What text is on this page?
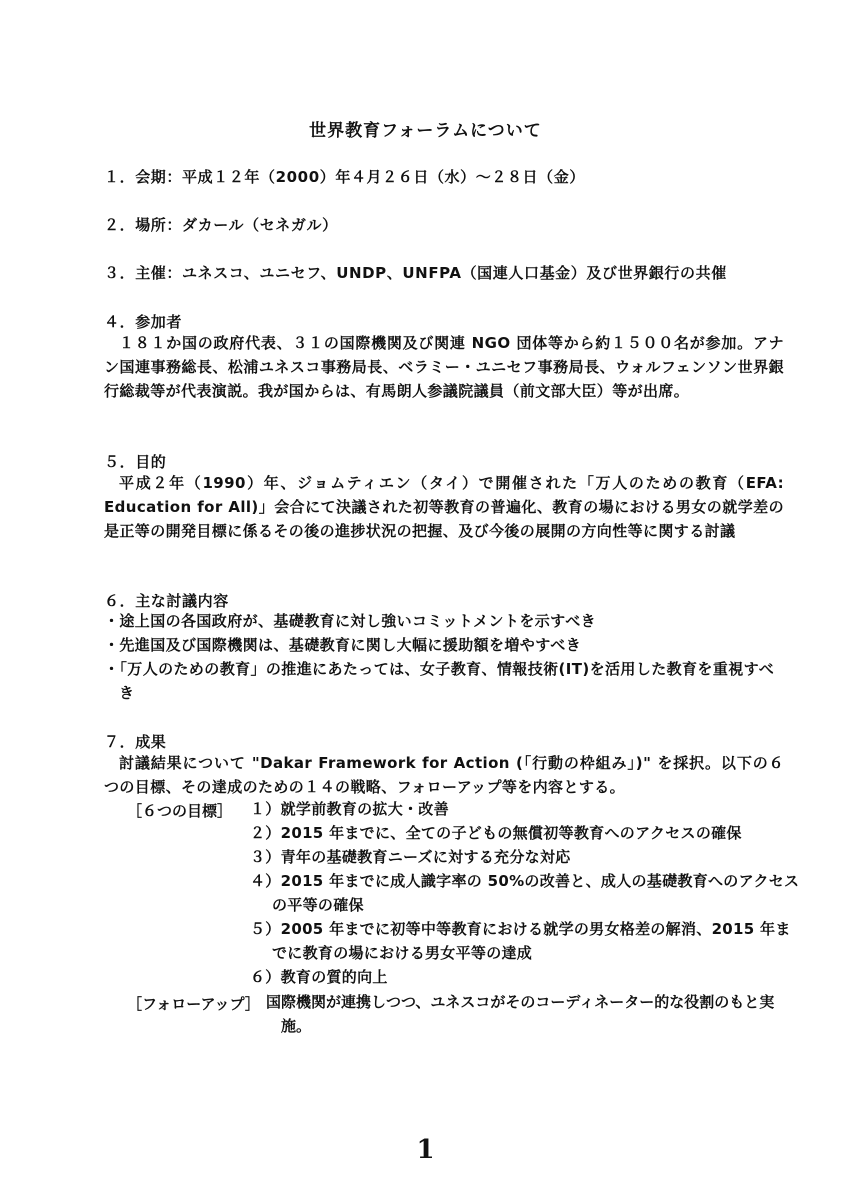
世界教育フォーラムについて
１．会期：平成１２年（2000）年４月２６日（水）～２８日（金）
２．場所：ダカール（セネガル）
３．主催：ユネスコ、ユニセフ、UNDP、UNFPA（国連人口基金）及び世界銀行の共催
４．参加者
１８１か国の政府代表、３１の国際機関及び関連 NGO 団体等から約１５００名が参加。アナン国連事務総長、松浦ユネスコ事務局長、ベラミー・ユニセフ事務局長、ウォルフェンソン世界銀行総裁等が代表演説。我が国からは、有馬朗人参議院議員（前文部大臣）等が出席。
５．目的
平成２年（1990）年、ジョムティエン（タイ）で開催された「万人のための教育（EFA: Education for All)」会合にて決議された初等教育の普遍化、教育の場における男女の就学差の是正等の開発目標に係るその後の進捗状況の把握、及び今後の展開の方向性等に関する討議
６．主な討議内容
・途上国の各国政府が、基礎教育に対し強いコミットメントを示すべき
・先進国及び国際機関は、基礎教育に関し大幅に援助額を増やすべき
・「万人のための教育」の推進にあたっては、女子教育、情報技術(IT)を活用した教育を重視すべき
７．成果
討議結果について "Dakar Framework for Action (「行動の枠組み」)" を採択。以下の６つの目標、その達成のための１４の戦略、フォローアップ等を内容とする。
［６つの目標］ １）就学前教育の拡大・改善
２）2015 年までに、全ての子どもの無償初等教育へのアクセスの確保
３）青年の基礎教育ニーズに対する充分な対応
４）2015 年までに成人識字率の 50%の改善と、成人の基礎教育へのアクセスの平等の確保
５）2005 年までに初等中等教育における就学の男女格差の解消、2015 年までに教育の場における男女平等の達成
６）教育の質的向上
［フォローアップ］ 国際機関が連携しつつ、ユネスコがそのコーディネーター的な役割のもと実施。
1
